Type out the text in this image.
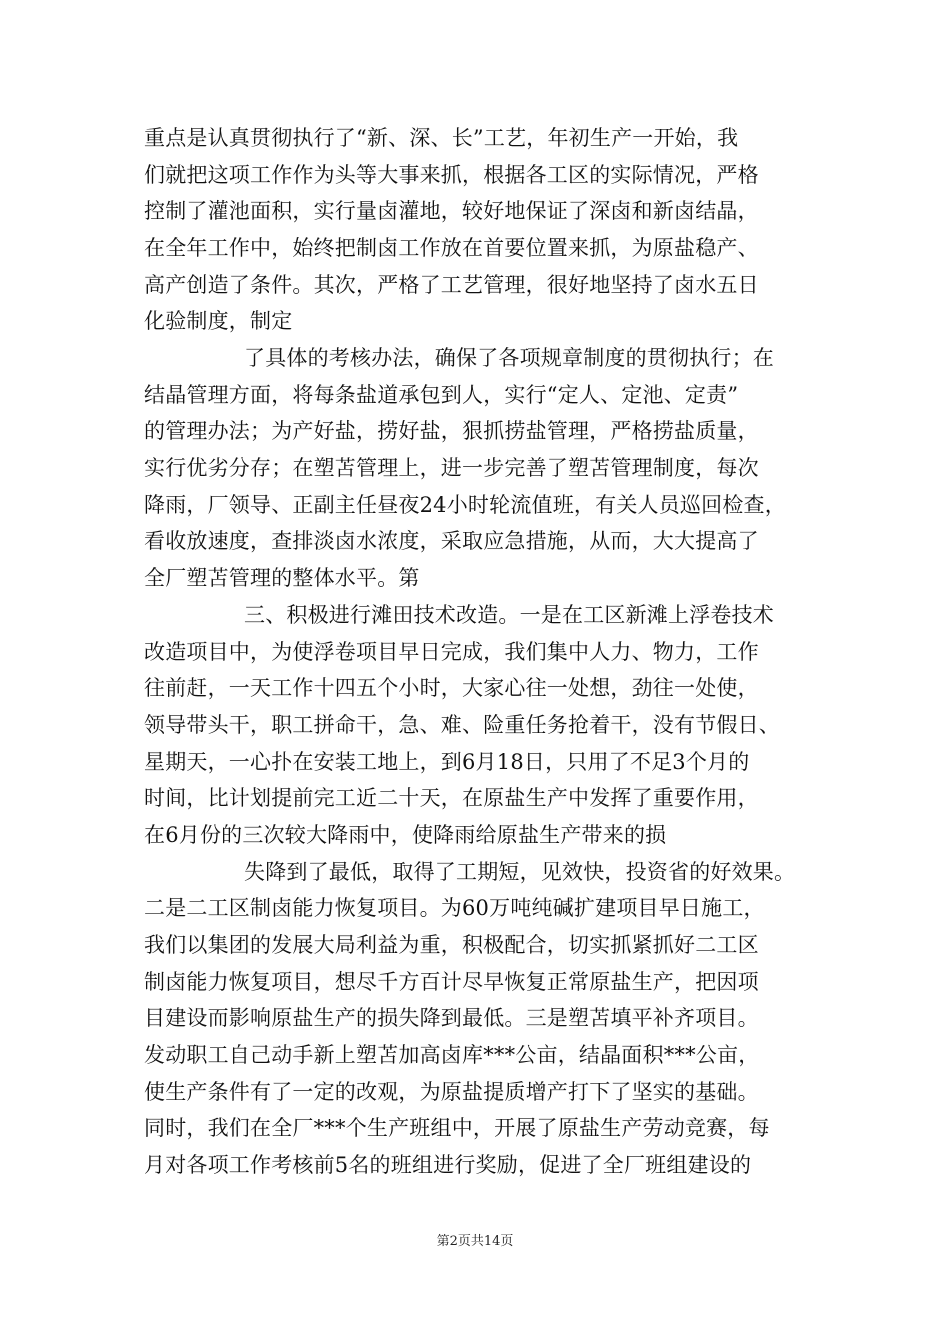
重点是认真贯彻执行了“新、深、长”工艺，年初生产一开始，我
们就把这项工作作为头等大事来抓，根据各工区的实际情况，严格
控制了灌池面积，实行量卤灌地，较好地保证了深卤和新卤结晶，
在全年工作中，始终把制卤工作放在首要位置来抓，为原盐稳产、
高产创造了条件。其次，严格了工艺管理，很好地坚持了卤水五日
化验制度，制定
了具体的考核办法，确保了各项规章制度的贯彻执行；在
结晶管理方面，将每条盐道承包到人，实行“定人、定池、定责”
的管理办法；为产好盐，捞好盐，狠抓捞盐管理，严格捞盐质量，
实行优劣分存；在塑苫管理上，进一步完善了塑苫管理制度，每次
降雨，厂领导、正副主任昼夜24小时轮流值班，有关人员巡回检查，
看收放速度，查排淡卤水浓度，采取应急措施，从而，大大提高了
全厂塑苫管理的整体水平。第
三、积极进行滩田技术改造。一是在工区新滩上浮卷技术
改造项目中，为使浮卷项目早日完成，我们集中人力、物力，工作
往前赶，一天工作十四五个小时，大家心往一处想，劲往一处使，
领导带头干，职工拼命干，急、难、险重任务抢着干，没有节假日、
星期天，一心扑在安装工地上，到6月18日，只用了不足3个月的
时间，比计划提前完工近二十天，在原盐生产中发挥了重要作用，
在6月份的三次较大降雨中，使降雨给原盐生产带来的损
失降到了最低，取得了工期短，见效快，投资省的好效果。
二是二工区制卤能力恢复项目。为60万吨纯碱扩建项目早日施工，
我们以集团的发展大局利益为重，积极配合，切实抓紧抓好二工区
制卤能力恢复项目，想尽千方百计尽早恢复正常原盐生产，把因项
目建设而影响原盐生产的损失降到最低。三是塑苫填平补齐项目。
发动职工自己动手新上塑苫加高卤库***公亩，结晶面积***公亩，
使生产条件有了一定的改观，为原盐提质增产打下了坚实的基础。
同时，我们在全厂***个生产班组中，开展了原盐生产劳动竞赛，每
月对各项工作考核前5名的班组进行奖励，促进了全厂班组建设的
第2页共14页
